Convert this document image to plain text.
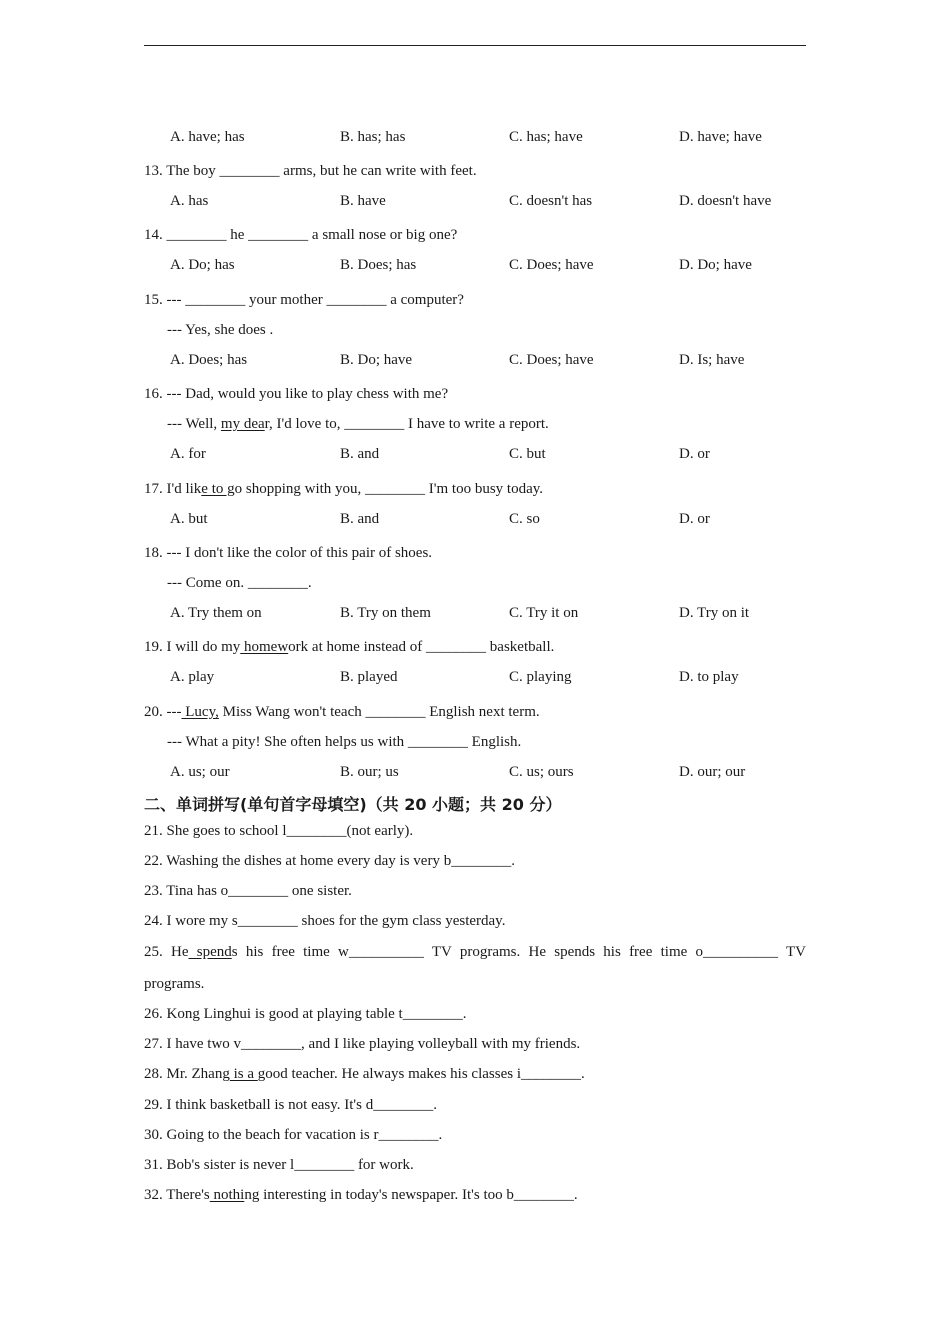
A. have; has	B. has; has	C. has; have	D. have; have
13. The boy ________ arms, but he can write with feet.
A. has	B. have	C. doesn't has	D. doesn't have
14. ________ he ________ a small nose or big one?
A. Do; has	B. Does; has	C. Does; have	D. Do; have
15. --- ________ your mother ________ a computer?
--- Yes, she does .
A. Does; has	B. Do; have	C. Does; have	D. Is; have
16. --- Dad, would you like to play chess with me?
--- Well, my dear, I'd love to, ________ I have to write a report.
A. for	B. and	C. but	D. or
17. I'd like to go shopping with you, ________ I'm too busy today.
A. but	B. and	C. so	D. or
18. --- I don't like the color of this pair of shoes.
--- Come on. ________.
A. Try them on	B. Try on them	C. Try it on	D. Try on it
19. I will do my homework at home instead of ________ basketball.
A. play	B. played	C. playing	D. to play
20. --- Lucy, Miss Wang won't teach ________ English next term.
--- What a pity! She often helps us with ________ English.
A. us; our	B. our; us	C. us; ours	D. our; our
二、单词拼写(单句首字母填空)（共 20 小题；共 20 分）
21. She goes to school l________(not early).
22. Washing the dishes at home every day is very b________.
23. Tina has o________ one sister.
24. I wore my s________ shoes for the gym class yesterday.
25. He spends his free time w__________ TV programs. He spends his free time o__________ TV
programs.
26. Kong Linghui is good at playing table t________.
27. I have two v________, and I like playing volleyball with my friends.
28. Mr. Zhang is a good teacher. He always makes his classes i________.
29. I think basketball is not easy. It's d________.
30. Going to the beach for vacation is r________.
31. Bob's sister is never l________ for work.
32. There's nothing interesting in today's newspaper. It's too b________.
